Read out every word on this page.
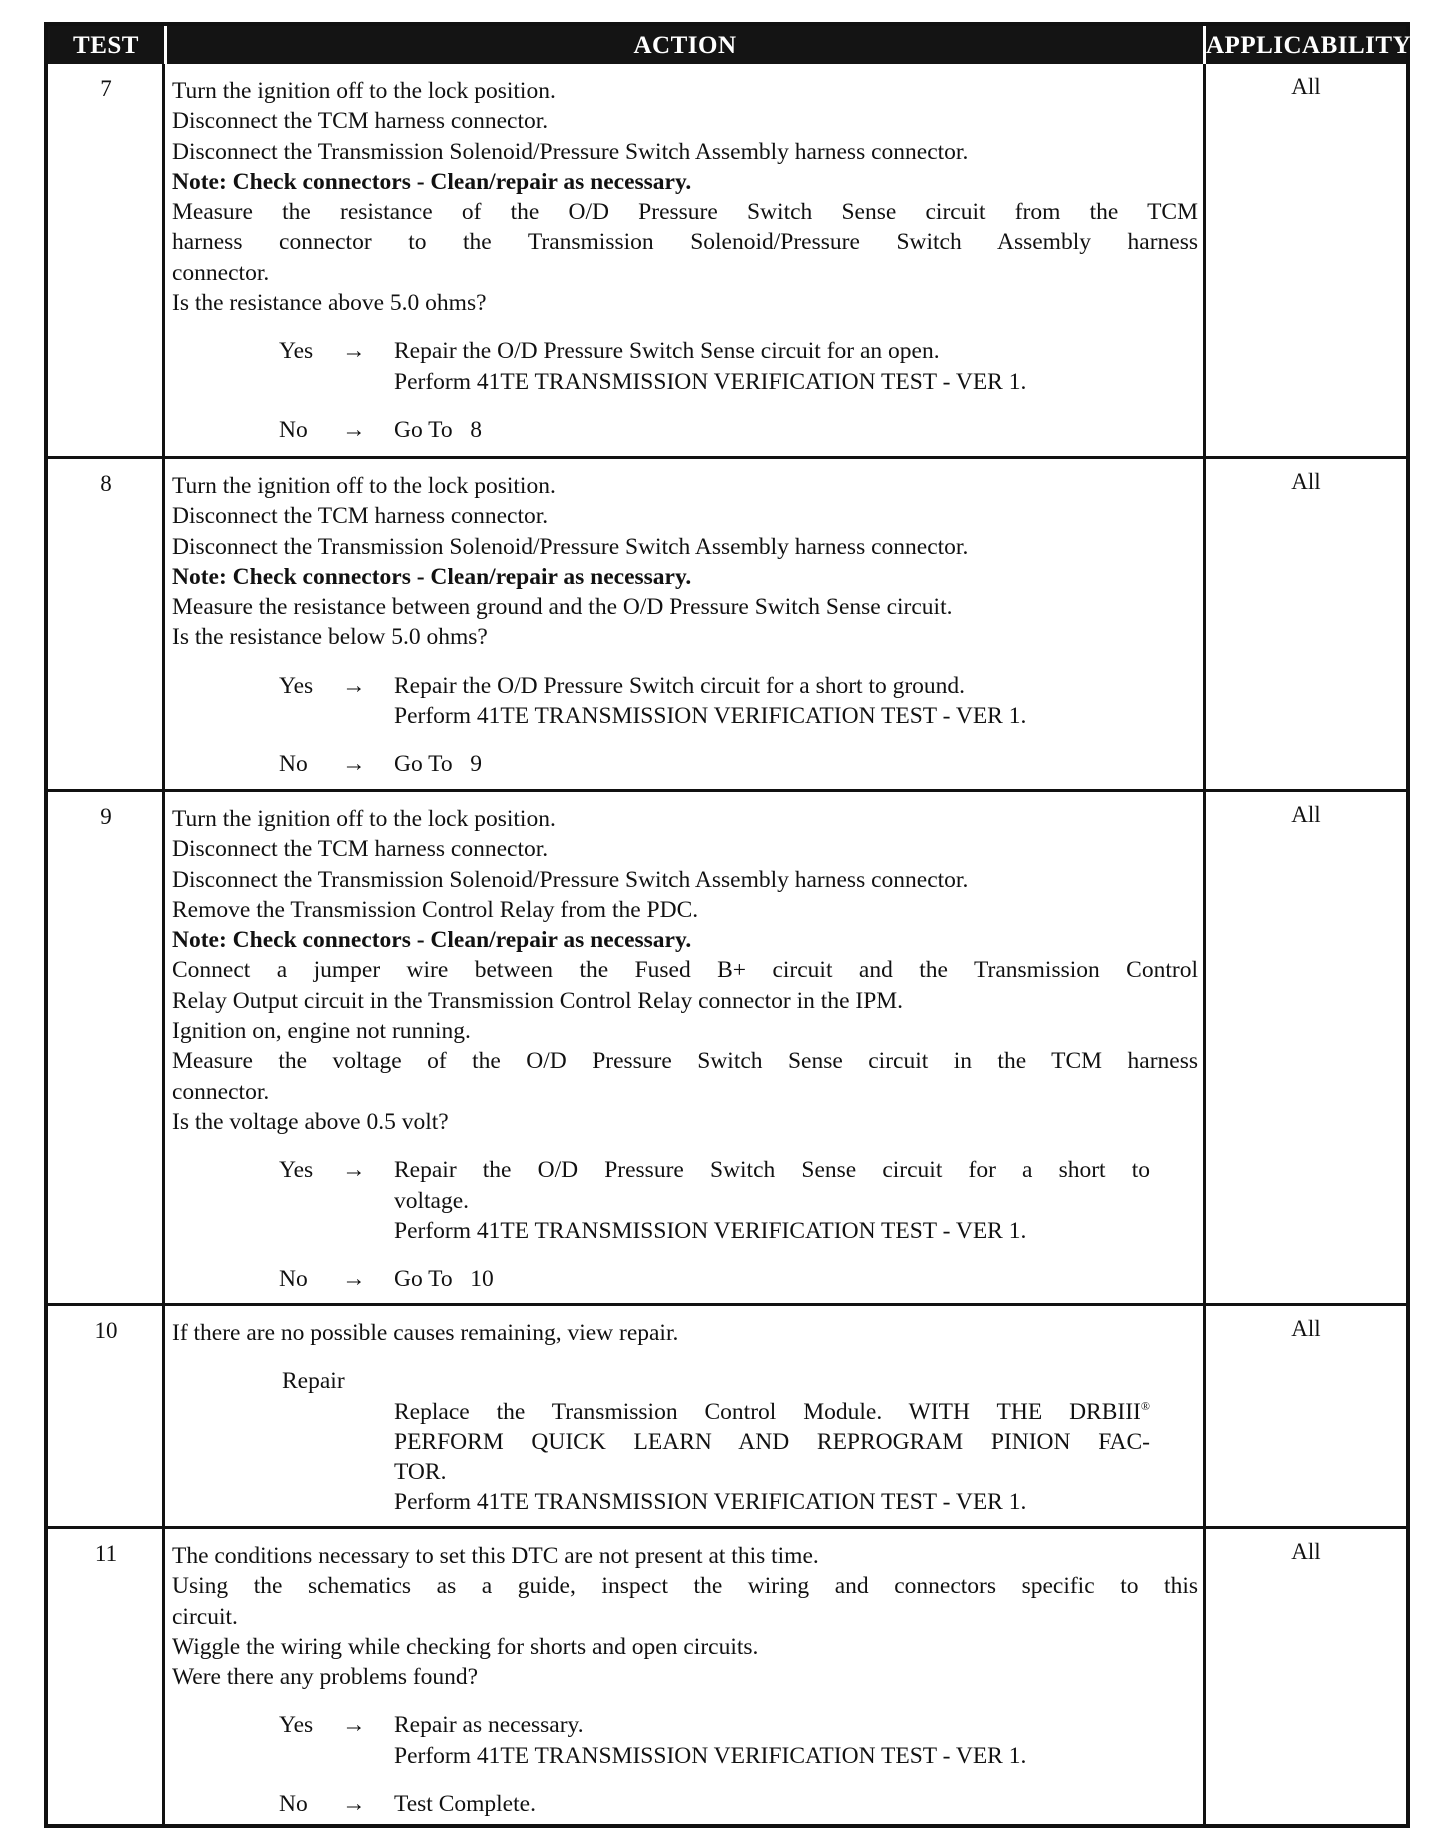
TEST	ACTION	APPLICABILITY
7	Turn the ignition off to the lock position.
Disconnect the TCM harness connector.
Disconnect the Transmission Solenoid/Pressure Switch Assembly harness connector.
Note: Check connectors - Clean/repair as necessary.
Measure the resistance of the O/D Pressure Switch Sense circuit from the TCM
harness connector to the Transmission Solenoid/Pressure Switch Assembly harness
connector.
Is the resistance above 5.0 ohms?
Yes → Repair the O/D Pressure Switch Sense circuit for an open.
Perform 41TE TRANSMISSION VERIFICATION TEST - VER 1.
No → Go To   8
All
8	Turn the ignition off to the lock position.
Disconnect the TCM harness connector.
Disconnect the Transmission Solenoid/Pressure Switch Assembly harness connector.
Note: Check connectors - Clean/repair as necessary.
Measure the resistance between ground and the O/D Pressure Switch Sense circuit.
Is the resistance below 5.0 ohms?
Yes → Repair the O/D Pressure Switch circuit for a short to ground.
Perform 41TE TRANSMISSION VERIFICATION TEST - VER 1.
No → Go To   9
All
9	Turn the ignition off to the lock position.
Disconnect the TCM harness connector.
Disconnect the Transmission Solenoid/Pressure Switch Assembly harness connector.
Remove the Transmission Control Relay from the PDC.
Note: Check connectors - Clean/repair as necessary.
Connect a jumper wire between the Fused B+ circuit and the Transmission Control
Relay Output circuit in the Transmission Control Relay connector in the IPM.
Ignition on, engine not running.
Measure the voltage of the O/D Pressure Switch Sense circuit in the TCM harness
connector.
Is the voltage above 0.5 volt?
Yes → Repair the O/D Pressure Switch Sense circuit for a short to
voltage.
Perform 41TE TRANSMISSION VERIFICATION TEST - VER 1.
No → Go To   10
All
10	If there are no possible causes remaining, view repair.
Repair
Replace the Transmission Control Module. WITH THE DRBIII®
PERFORM QUICK LEARN AND REPROGRAM PINION FAC-
TOR.
Perform 41TE TRANSMISSION VERIFICATION TEST - VER 1.
All
11	The conditions necessary to set this DTC are not present at this time.
Using the schematics as a guide, inspect the wiring and connectors specific to this
circuit.
Wiggle the wiring while checking for shorts and open circuits.
Were there any problems found?
Yes → Repair as necessary.
Perform 41TE TRANSMISSION VERIFICATION TEST - VER 1.
No → Test Complete.
All
